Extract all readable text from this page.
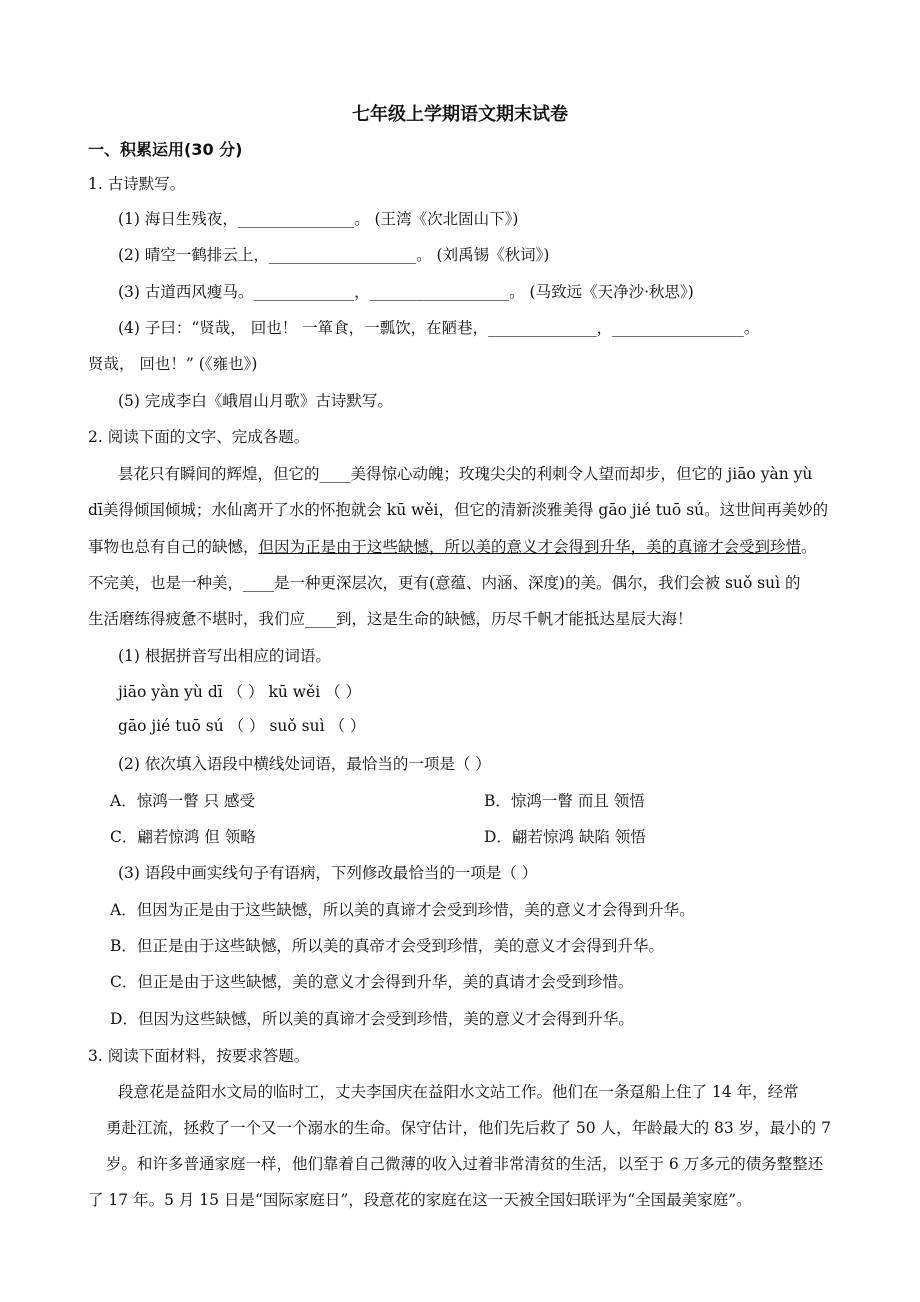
七年级上学期语文期末试卷
一、积累运用(30 分)
1. 古诗默写。
(1) 海日生残夜，_______________。 (王湾《次北固山下》)
(2) 晴空一鹤排云上，___________________。 (刘禹锡《秋词》)
(3) 古道西风瘦马。_____________，__________________。 (马致远《天净沙·秋思》)
(4) 子曰：“贤哉， 回也！ 一箪食，一瓢饮，在陋巷，______________，_________________。
贤哉， 回也！” (《雍也》)
(5) 完成李白《峨眉山月歌》古诗默写。
2. 阅读下面的文字、完成各题。
昙花只有瞬间的辉煌，但它的____美得惊心动魄；玫瑰尖尖的利刺令人望而却步，但它的 jiāo yàn yù
dī美得倾国倾城；水仙离开了水的怀抱就会 kū wěi，但它的清新淡雅美得 gāo jié tuō sú。这世间再美妙的
事物也总有自己的缺憾，但因为正是由于这些缺憾，所以美的意义才会得到升华，美的真谛才会受到珍惜。
不完美，也是一种美，____是一种更深层次，更有(意蕴、内涵、深度)的美。偶尔，我们会被 suǒ suì 的
生活磨练得疲惫不堪时，我们应____到，这是生命的缺憾，历尽千帆才能抵达星辰大海！
(1) 根据拼音写出相应的词语。
jiāo yàn yù dī （ ） kū wěi （ ）
gāo jié tuō sú （ ） suǒ suì （ ）
(2) 依次填入语段中横线处词语，最恰当的一项是（ ）
A．惊鸿一瞥 只 感受	B．惊鸿一瞥 而且 领悟
C．翩若惊鸿 但 领略	D．翩若惊鸿 缺陷 领悟
(3) 语段中画实线句子有语病，下列修改最恰当的一项是（ ）
A．但因为正是由于这些缺憾，所以美的真谛才会受到珍惜，美的意义才会得到升华。
B．但正是由于这些缺憾，所以美的真帝才会受到珍惜，美的意义才会得到升华。
C．但正是由于这些缺憾，美的意义才会得到升华，美的真请才会受到珍惜。
D．但因为这些缺憾，所以美的真谛才会受到珍惜，美的意义才会得到升华。
3. 阅读下面材料，按要求答题。
段意花是益阳水文局的临时工，丈夫李国庆在益阳水文站工作。他们在一条趸船上住了 14 年，经常
勇赴江流，拯救了一个又一个溺水的生命。保守估计，他们先后救了 50 人，年龄最大的 83 岁，最小的 7
岁。和许多普通家庭一样，他们靠着自己微薄的收入过着非常清贫的生活，以至于 6 万多元的债务整整还
了 17 年。5 月 15 日是“国际家庭日”，段意花的家庭在这一天被全国妇联评为“全国最美家庭”。
